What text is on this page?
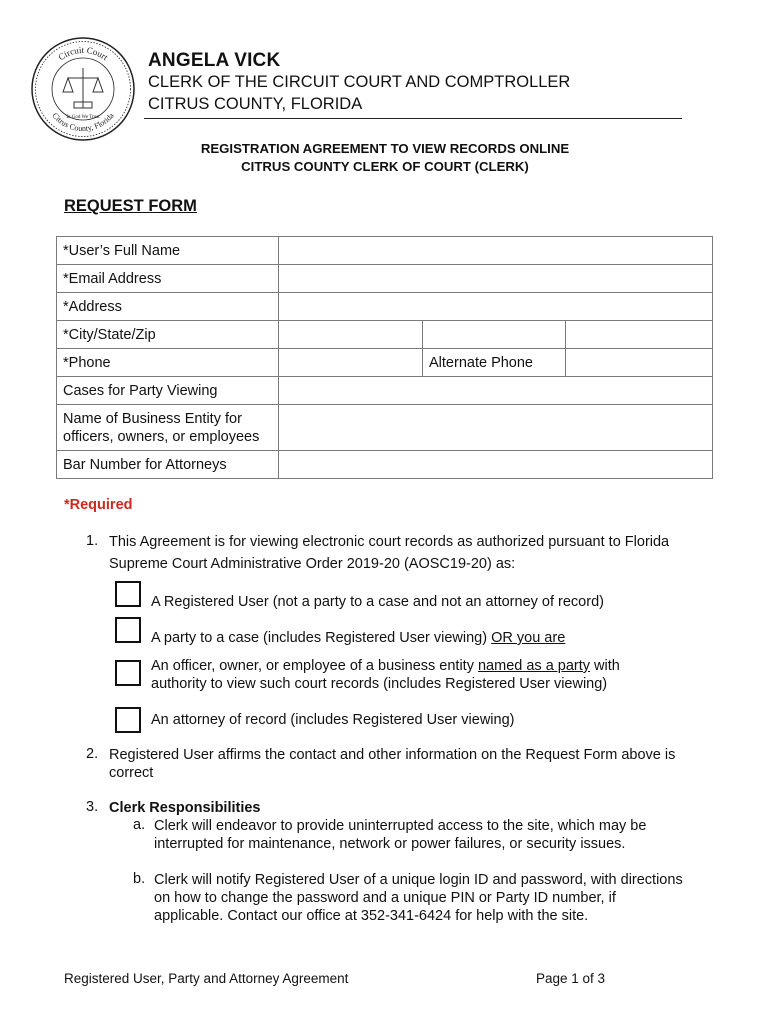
Circuit Court
Citrus County, Florida
In God We Trust
ANGELA VICK
CLERK OF THE CIRCUIT COURT AND COMPTROLLER
CITRUS COUNTY, FLORIDA
REGISTRATION AGREEMENT TO VIEW RECORDS ONLINE
CITRUS COUNTY CLERK OF COURT (CLERK)
REQUEST FORM
*User’s Full Name			
*Email Address			
*Address			
*City/State/Zip			
*Phone		Alternate Phone	
Cases for Party Viewing			

Name of Business Entity for
officers, owners, or employees			

Bar Number for Attorneys			
*Required
1. This Agreement is for viewing electronic court records as authorized pursuant to Florida
Supreme Court Administrative Order 2019-20 (AOSC19-20) as:
A Registered User (not a party to a case and not an attorney of record)
A party to a case (includes Registered User viewing) OR you are
An officer, owner, or employee of a business entity named as a party with
authority to view such court records (includes Registered User viewing)
An attorney of record (includes Registered User viewing)
2. Registered User affirms the contact and other information on the Request Form above is
correct
3. Clerk Responsibilities
a. Clerk will endeavor to provide uninterrupted access to the site, which may be
interrupted for maintenance, network or power failures, or security issues.
b. Clerk will notify Registered User of a unique login ID and password, with directions
on how to change the password and a unique PIN or Party ID number, if
applicable. Contact our office at 352-341-6424 for help with the site.
Registered User, Party and Attorney Agreement	Page 1 of 3
